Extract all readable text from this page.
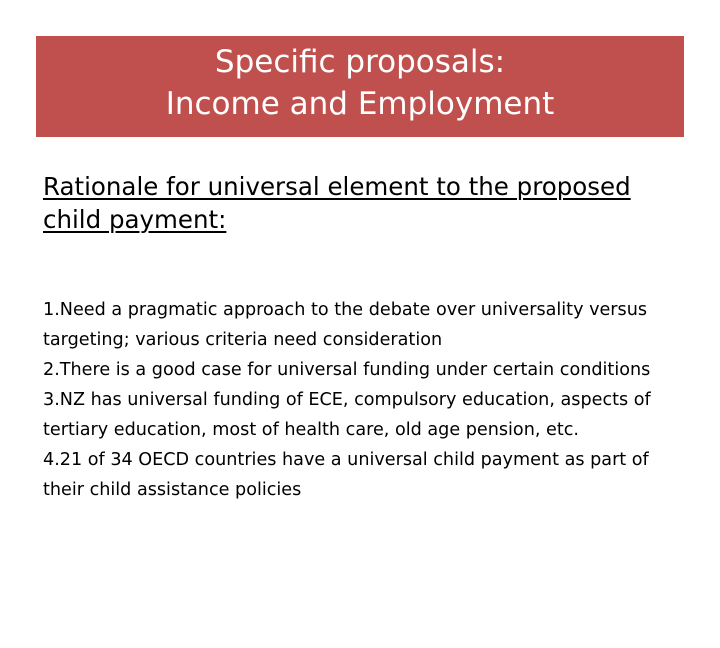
Specific proposals:
Income and Employment
Rationale for universal element to the proposed child payment:
1.Need a pragmatic approach to the debate over universality versus targeting; various criteria need consideration
2.There is a good case for universal funding under certain conditions
3.NZ has universal funding of ECE, compulsory education, aspects of tertiary education, most of health care, old age pension, etc.
4.21 of 34 OECD countries have a universal child payment as part of their child assistance policies
